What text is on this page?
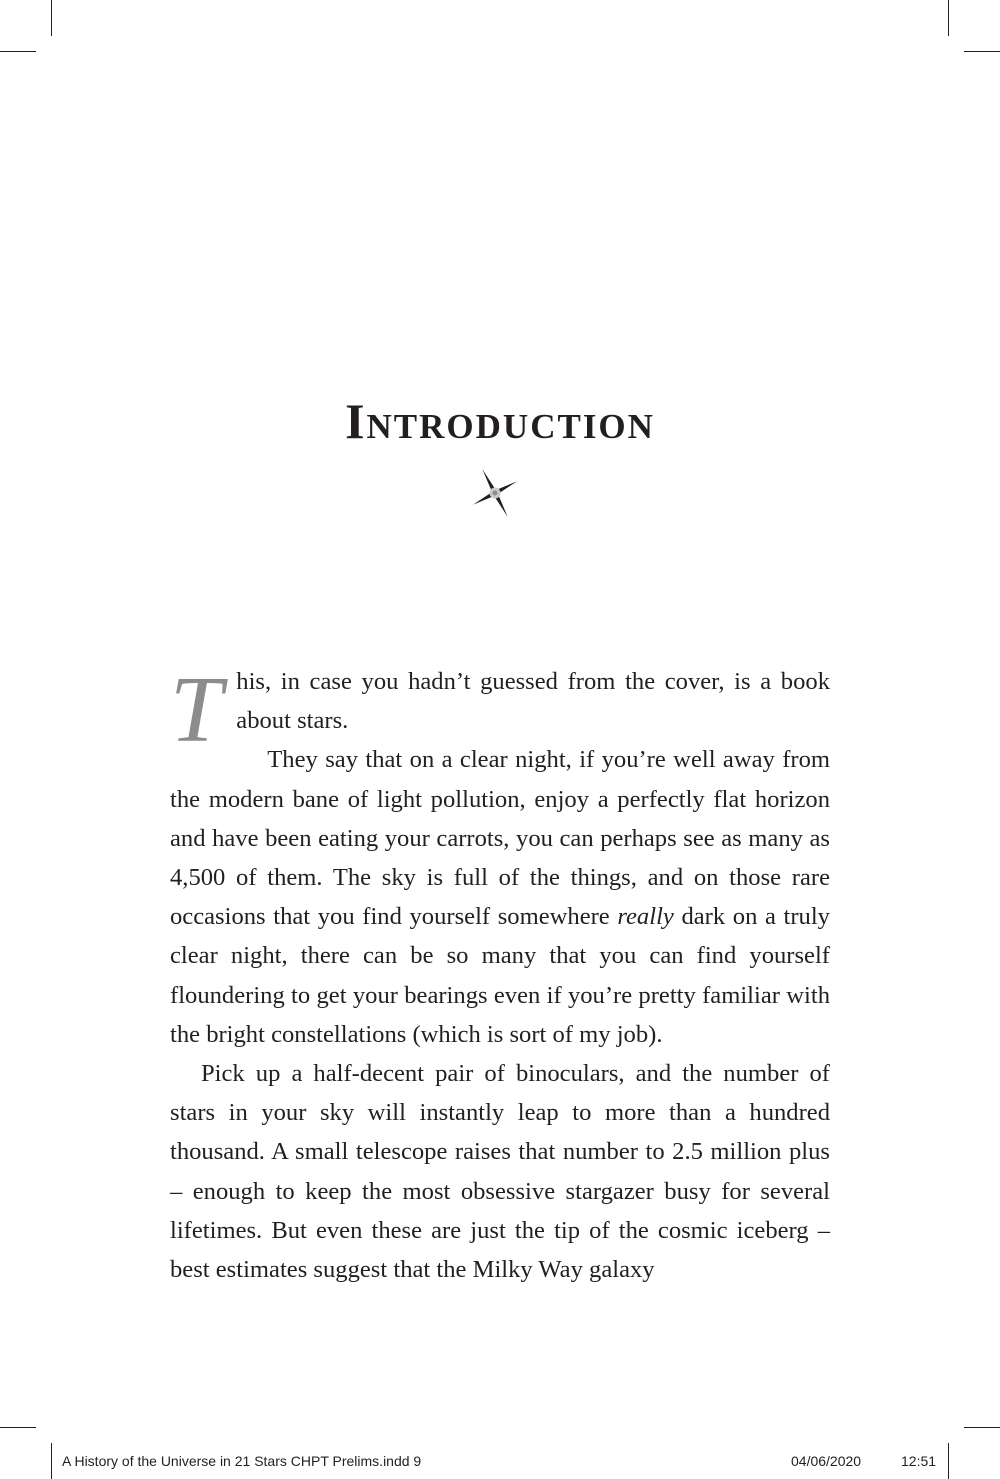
Introduction

This, in case you hadn’t guessed from the cover, is a book about stars.

They say that on a clear night, if you’re well away from the modern bane of light pollution, enjoy a perfectly flat horizon and have been eating your carrots, you can perhaps see as many as 4,500 of them. The sky is full of the things, and on those rare occasions that you find yourself somewhere really dark on a truly clear night, there can be so many that you can find yourself floundering to get your bearings even if you’re pretty familiar with the bright constellations (which is sort of my job).

Pick up a half-decent pair of binoculars, and the number of stars in your sky will instantly leap to more than a hundred thousand. A small telescope raises that number to 2.5 million plus – enough to keep the most obsessive stargazer busy for several lifetimes. But even these are just the tip of the cosmic iceberg – best estimates suggest that the Milky Way galaxy

A History of the Universe in 21 Stars CHPT Prelims.indd 9	04/06/2020	12:51
